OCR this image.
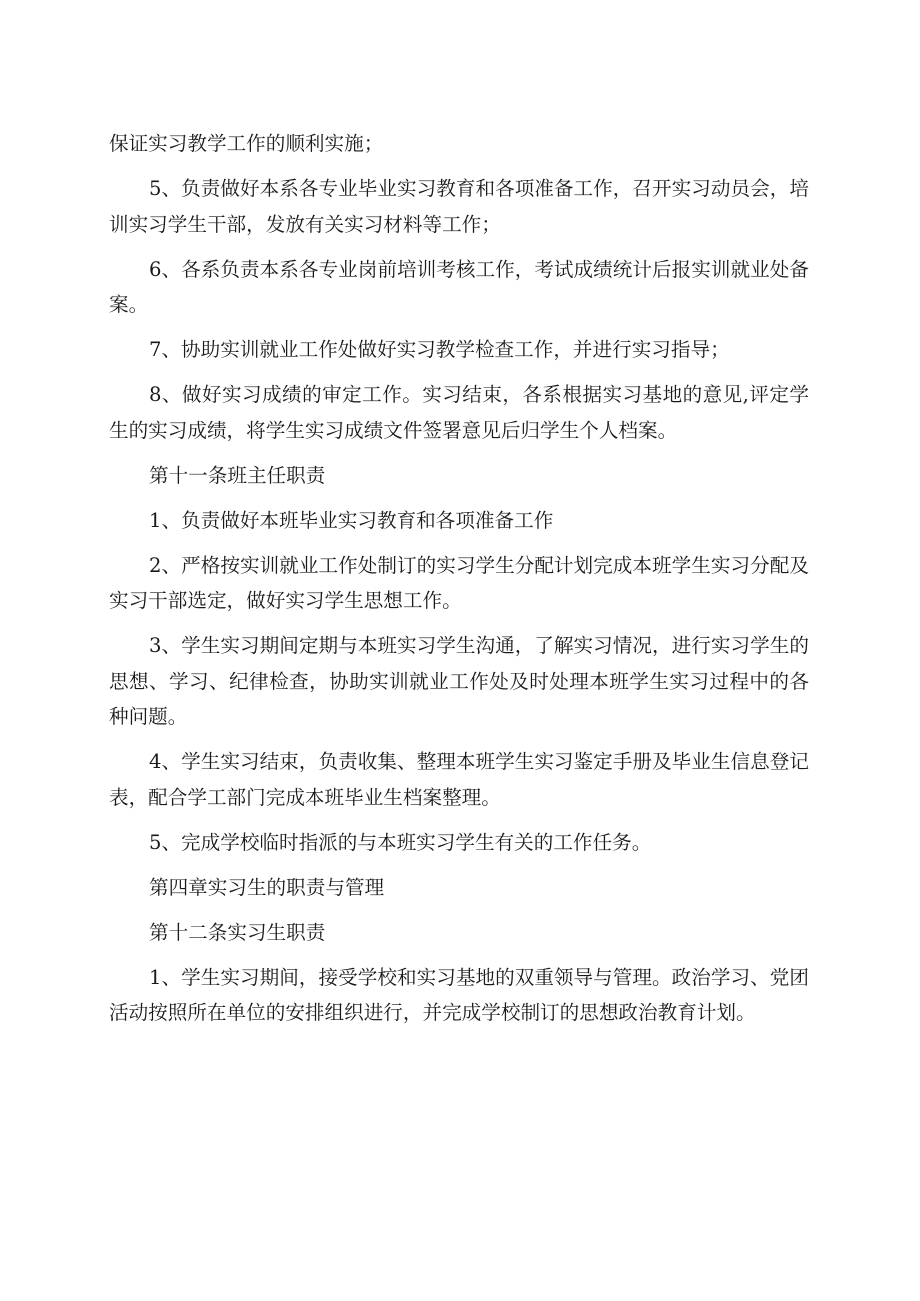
保证实习教学工作的顺利实施；

5、负责做好本系各专业毕业实习教育和各项准备工作，召开实习动员会，培训实习学生干部，发放有关实习材料等工作；

6、各系负责本系各专业岗前培训考核工作，考试成绩统计后报实训就业处备案。

7、协助实训就业工作处做好实习教学检查工作，并进行实习指导；

8、做好实习成绩的审定工作。实习结束，各系根据实习基地的意见,评定学生的实习成绩，将学生实习成绩文件签署意见后归学生个人档案。

第十一条班主任职责

1、负责做好本班毕业实习教育和各项准备工作

2、严格按实训就业工作处制订的实习学生分配计划完成本班学生实习分配及实习干部选定，做好实习学生思想工作。

3、学生实习期间定期与本班实习学生沟通，了解实习情况，进行实习学生的思想、学习、纪律检查，协助实训就业工作处及时处理本班学生实习过程中的各种问题。

4、学生实习结束，负责收集、整理本班学生实习鉴定手册及毕业生信息登记表，配合学工部门完成本班毕业生档案整理。

5、完成学校临时指派的与本班实习学生有关的工作任务。

第四章实习生的职责与管理

第十二条实习生职责

1、学生实习期间，接受学校和实习基地的双重领导与管理。政治学习、党团活动按照所在单位的安排组织进行，并完成学校制订的思想政治教育计划。
